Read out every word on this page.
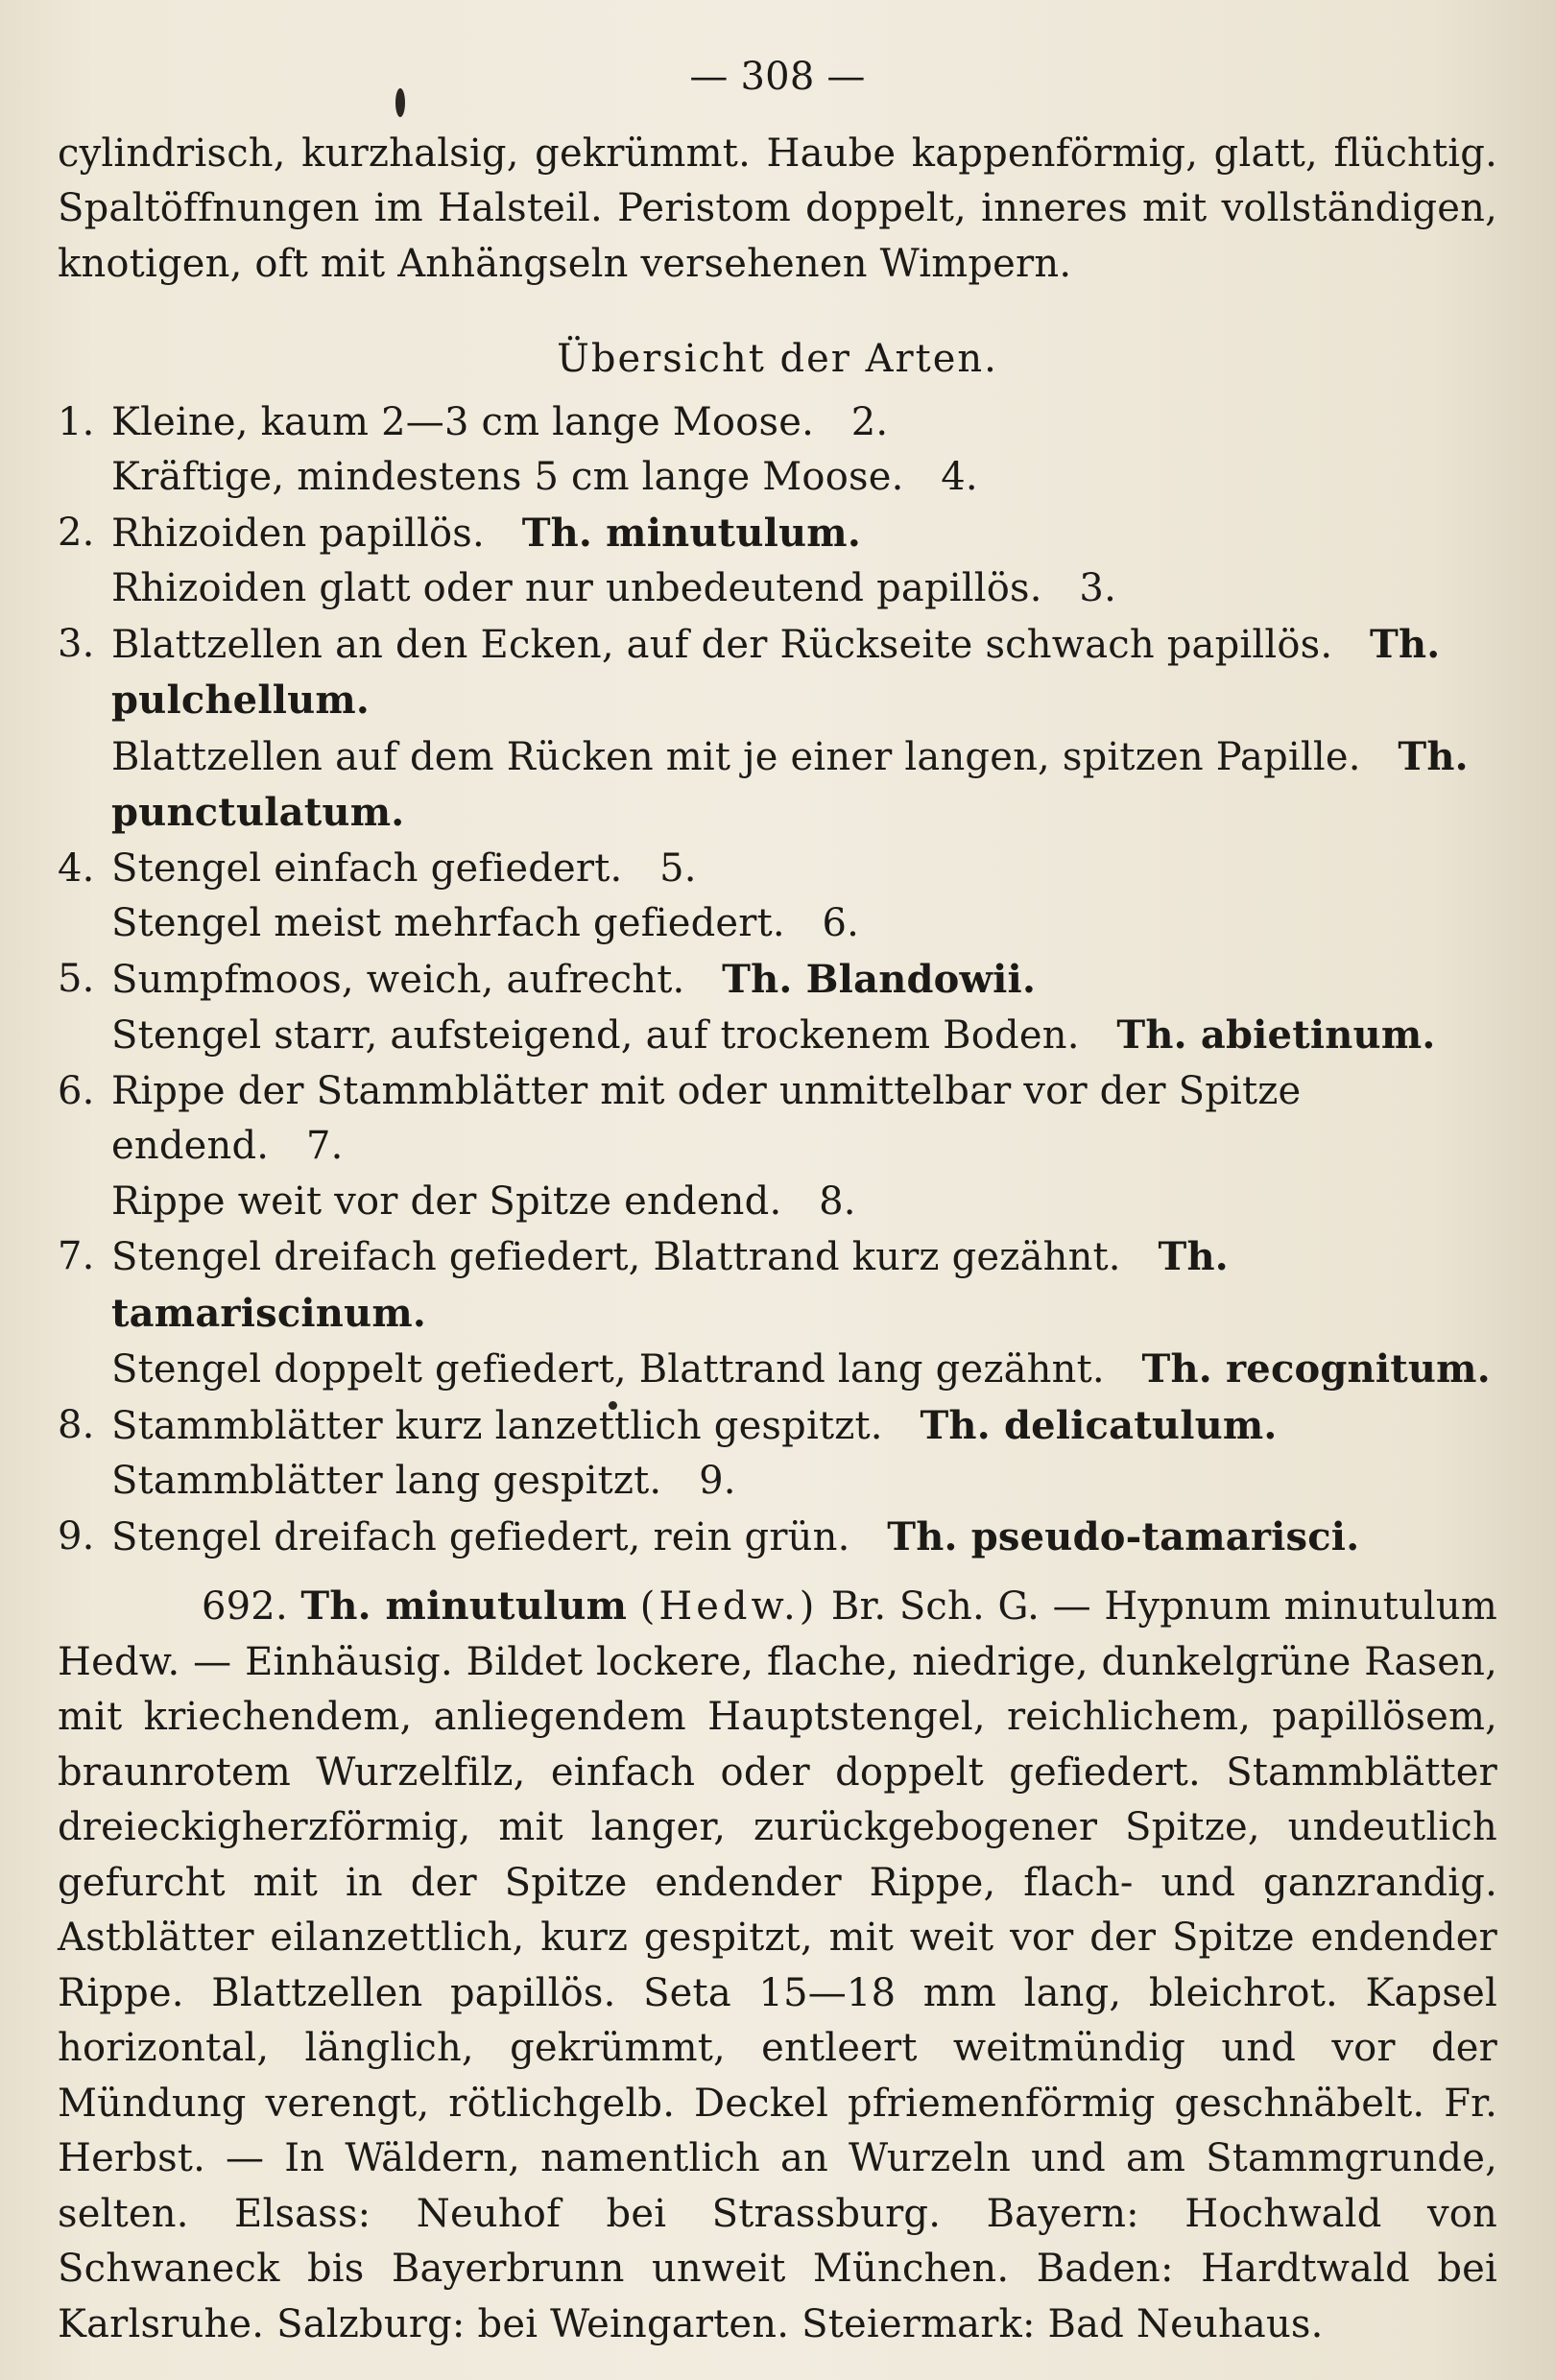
— 308 —

cylindrisch, kurzhalsig, gekrümmt. Haube kappenförmig, glatt, flüchtig. Spaltöffnungen im Halsteil. Peristom doppelt, inneres mit vollständigen, knotigen, oft mit Anhängseln versehenen Wimpern.

Übersicht der Arten.
1. Kleine, kaum 2—3 cm lange Moose. 2.
Kräftige, mindestens 5 cm lange Moose. 4.
2. Rhizoiden papillös. Th. minutulum.
Rhizoiden glatt oder nur unbedeutend papillös. 3.
3. Blattzellen an den Ecken, auf der Rückseite schwach papillös. Th. pulchellum.
Blattzellen auf dem Rücken mit je einer langen, spitzen Papille. Th. punctulatum.
4. Stengel einfach gefiedert. 5.
Stengel meist mehrfach gefiedert. 6.
5. Sumpfmoos, weich, aufrecht. Th. Blandowii.
Stengel starr, aufsteigend, auf trockenem Boden. Th. abietinum.
6. Rippe der Stammblätter mit oder unmittelbar vor der Spitze endend. 7.
Rippe weit vor der Spitze endend. 8.
7. Stengel dreifach gefiedert, Blattrand kurz gezähnt. Th. tamariscinum.
Stengel doppelt gefiedert, Blattrand lang gezähnt. Th. recognitum.
8. Stammblätter kurz lanzettlich gespitzt. Th. delicatulum.
Stammblätter lang gespitzt. 9.
9. Stengel dreifach gefiedert, rein grün. Th. pseudo-tamarisci.

692. Th. minutulum (Hedw.) Br. Sch. G. — Hypnum minutulum Hedw. — Einhäusig. Bildet lockere, flache, niedrige, dunkelgrüne Rasen, mit kriechendem, anliegendem Hauptstengel, reichlichem, papillösem, braunrotem Wurzelfilz, einfach oder doppelt gefiedert. Stammblätter dreieckigherzförmig, mit langer, zurückgebogener Spitze, undeutlich gefurcht mit in der Spitze endender Rippe, flach- und ganzrandig. Astblätter eilanzettlich, kurz gespitzt, mit weit vor der Spitze endender Rippe. Blattzellen papillös. Seta 15—18 mm lang, bleichrot. Kapsel horizontal, länglich, gekrümmt, entleert weitmündig und vor der Mündung verengt, rötlichgelb. Deckel pfriemenförmig geschnäbelt. Fr. Herbst. — In Wäldern, namentlich an Wurzeln und am Stammgrunde, selten. Elsass: Neuhof bei Strassburg. Bayern: Hochwald von Schwaneck bis Bayerbrunn unweit München. Baden: Hardtwald bei Karlsruhe. Salzburg: bei Weingarten. Steiermark: Bad Neuhaus.
